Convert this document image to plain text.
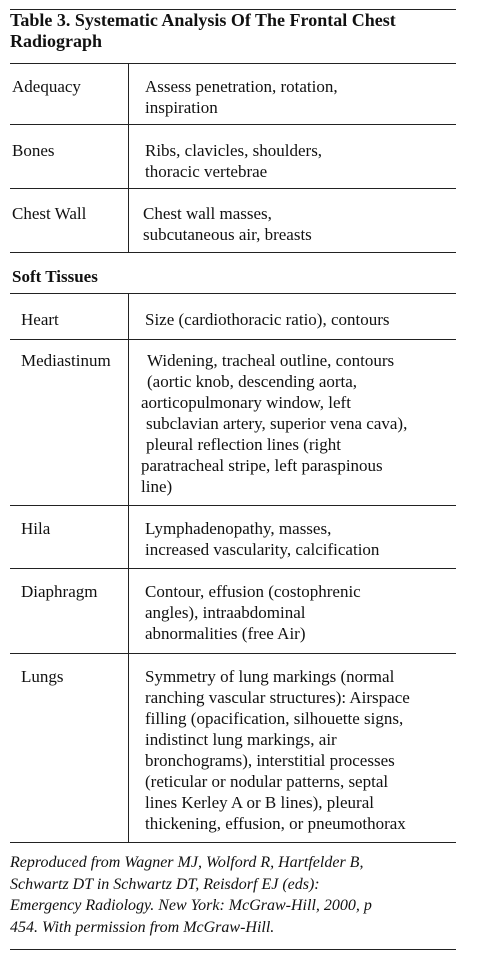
Table 3. Systematic Analysis Of The Frontal Chest
Radiograph
Adequacy	Assess penetration, rotation,
inspiration
Bones	Ribs, clavicles, shoulders,
thoracic vertebrae
Chest Wall	Chest wall masses,
subcutaneous air, breasts
Soft Tissues
Heart	Size (cardiothoracic ratio), contours
Mediastinum	Widening, tracheal outline, contours
(aortic knob, descending aorta,
aorticopulmonary window, left
subclavian artery, superior vena cava),
pleural reflection lines (right
paratracheal stripe, left paraspinous
line)
Hila	Lymphadenopathy, masses,
increased vascularity, calcification
Diaphragm	Contour, effusion (costophrenic
angles), intraabdominal
abnormalities (free Air)
Lungs	Symmetry of lung markings (normal
ranching vascular structures): Airspace
filling (opacification, silhouette signs,
indistinct lung markings, air
bronchograms), interstitial processes
(reticular or nodular patterns, septal
lines Kerley A or B lines), pleural
thickening, effusion, or pneumothorax
Reproduced from Wagner MJ, Wolford R, Hartfelder B,
Schwartz DT in Schwartz DT, Reisdorf EJ (eds):
Emergency Radiology. New York: McGraw-Hill, 2000, p
454. With permission from McGraw-Hill.
